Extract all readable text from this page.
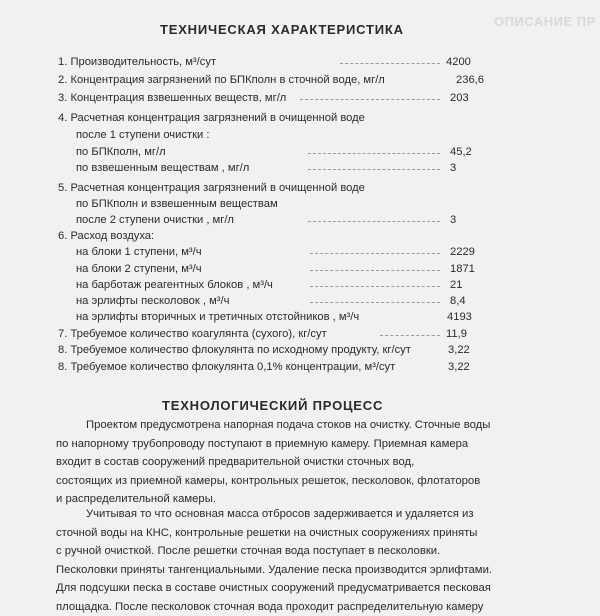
ОПИСАНИЕ ПР
ТЕХНИЧЕСКАЯ ХАРАКТЕРИСТИКА
1. Производительность, м³/сут	4200
2. Концентрация загрязнений по БПКполн в сточной воде, мг/л	236,6
3. Концентрация взвешенных веществ, мг/л	203
4. Расчетная концентрация загрязнений в очищенной воде
после 1 ступени очистки :
по БПКполн, мг/л	45,2
по взвешенным веществам , мг/л	3
5. Расчетная концентрация загрязнений в очищенной воде
по БПКполн и взвешенным веществам
после 2 ступени очистки , мг/л	3
6. Расход воздуха:
на блоки 1 ступени, м³/ч	2229
на блоки 2 ступени, м³/ч	1871
на барботаж реагентных блоков , м³/ч	21
на эрлифты песколовок , м³/ч	8,4
на эрлифты вторичных и третичных отстойников , м³/ч	4193
7. Требуемое количество коагулянта (сухого), кг/сут	11,9
8. Требуемое количество флокулянта по исходному продукту, кг/сут	3,22
8. Требуемое количество флокулянта 0,1% концентрации, м³/сут	3,22
ТЕХНОЛОГИЧЕСКИЙ ПРОЦЕСС
Проектом предусмотрена напорная подача стоков на очистку. Сточные воды
по напорному трубопроводу поступают в приемную камеру. Приемная камера
входит в состав сооружений предварительной очистки сточных вод,
состоящих из приемной камеры, контрольных решеток, песколовок, флотаторов
и распределительной камеры.
Учитывая то что основная масса отбросов задерживается и удаляется из
сточной воды на КНС, контрольные решетки на очистных сооружениях приняты
с ручной очисткой. После решетки сточная вода поступает в песколовки.
Песколовки приняты тангенциальными. Удаление песка производится эрлифтами.
Для подсушки песка в составе очистных сооружений предусматривается песковая
площадка. После песколовок сточная вода проходит распределительную камеру
